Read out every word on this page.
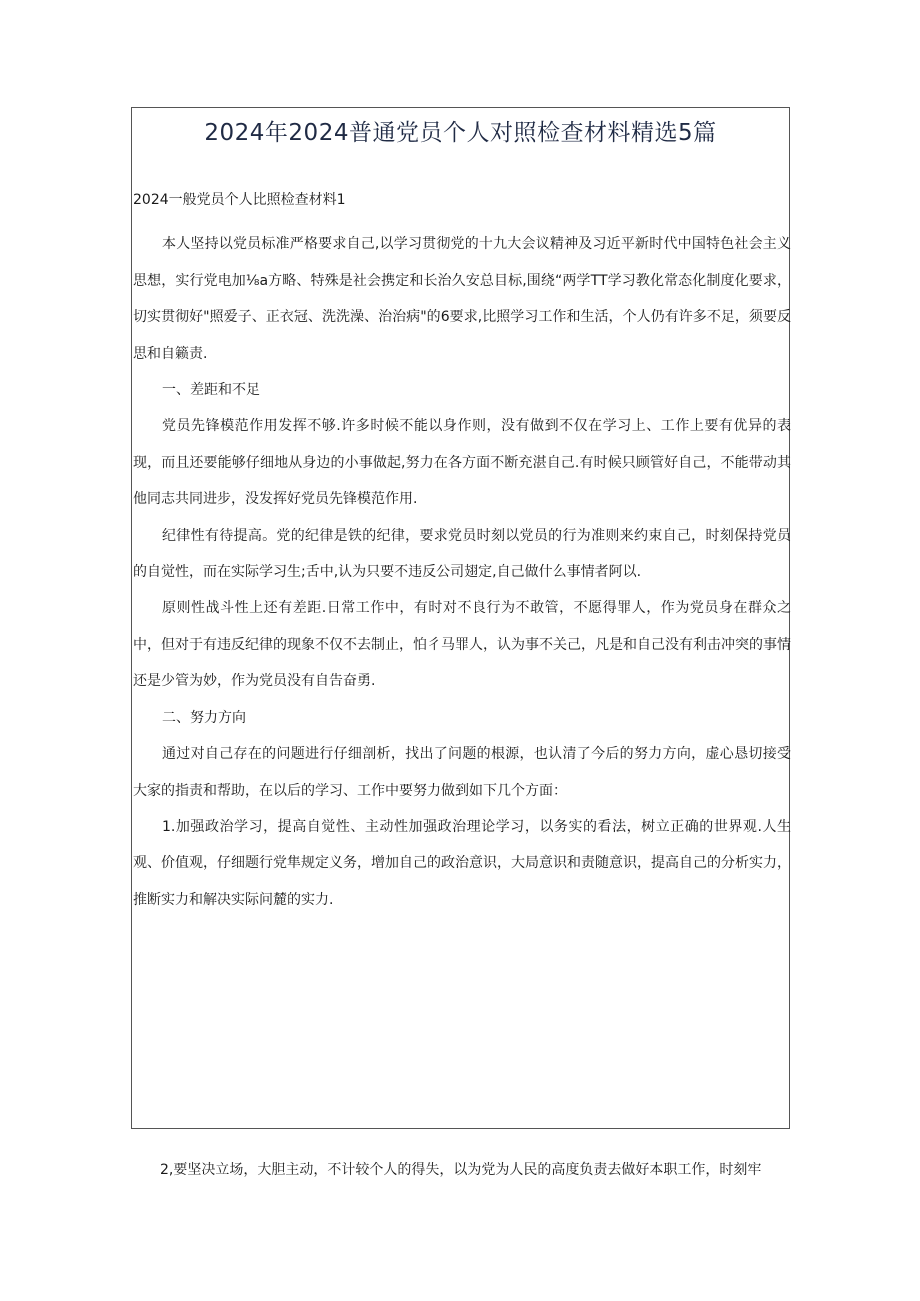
2024年2024普通党员个人对照检查材料精选5篇

2024一般党员个人比照检查材料1

本人坚持以党员标准严格要求自己,以学习贯彻党的十九大会议精神及习近平新时代中国特色社会主义思想，实行党电加⅛a方略、特殊是社会携定和长治久安总目标,围绕“两学TT学习教化常态化制度化要求，切实贯彻好"照爱子、正衣冠、洗洗澡、治治病"的6要求,比照学习工作和生活，个人仍有许多不足，须要反思和自籁责.

一、差距和不足

党员先锋模范作用发挥不够.许多时候不能以身作则，没有做到不仅在学习上、工作上要有优异的表现，而且还要能够仔细地从身边的小事做起,努力在各方面不断充湛自己.有时候只顾管好自己，不能带动其他同志共同进步，没发挥好党员先锋模范作用.

纪律性有待提高。党的纪律是铁的纪律，要求党员时刻以党员的行为准则来约束自己，时刻保持党员的自觉性，而在实际学习生;舌中,认为只要不违反公司翅定,自己做什么事情者阿以.

原则性战斗性上还有差距.日常工作中，有时对不良行为不敢管，不愿得罪人，作为党员身在群众之中，但对于有违反纪律的现象不仅不去制止，怕彳马罪人，认为事不关己，凡是和自己没有利击冲突的事情还是少管为妙，作为党员没有自告奋勇.

二、努力方向

通过对自己存在的问题进行仔细剖析，找出了问题的根源，也认清了今后的努力方向，虚心恳切接受大家的指责和帮助，在以后的学习、工作中要努力做到如下几个方面：

1.加强政治学习，提高自觉性、主动性加强政治理论学习，以务实的看法，树立正确的世界观.人生观、价值观，仔细题行党隼规定义务，增加自己的政治意识，大局意识和责随意识，提高自己的分析实力，推断实力和解决实际问麓的实力.

2,要坚决立场，大胆主动，不计较个人的得失，以为党为人民的高度负责去做好本职工作，时刻牢
